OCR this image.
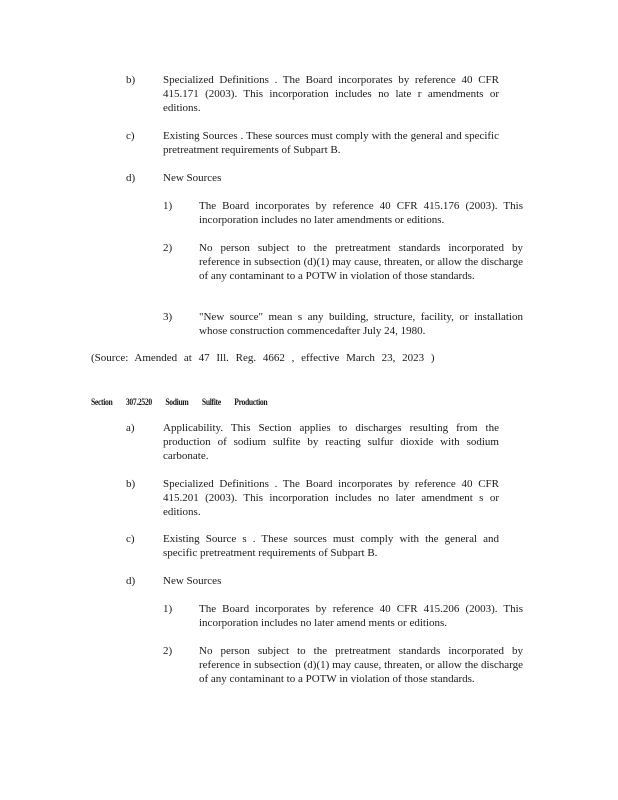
b)	Specialized Definitions . The Board incorporates by reference 40 CFR 415.171 (2003). This incorporation includes no late r amendments or editions.
c)	Existing Sources . These sources must comply with the general and specific pretreatment requirements of Subpart B.
d)	New Sources
1) The Board incorporates by reference 40 CFR 415.176 (2003). This incorporation includes no later amendments or editions.
2) No person subject to the pretreatment standards incorporated by reference in subsection (d)(1) may cause, threaten, or allow the discharge of any contaminant to a POTW in violation of those standards.
3) "New source" mean s any building, structure, facility, or installation whose construction commencedafter July 24, 1980.
(Source: Amended at 47 Ill. Reg. 4662 , effective March 23, 2023 )
Section 307.2520 Sodium Sulfite Production
a)	Applicability. This Section applies to discharges resulting from the production of sodium sulfite by reacting sulfur dioxide with sodium carbonate.
b)	Specialized Definitions . The Board incorporates by reference 40 CFR 415.201 (2003). This incorporation includes no later amendment s or editions.
c)	Existing Source s . These sources must comply with the general and specific pretreatment requirements of Subpart B.
d)	New Sources
1) The Board incorporates by reference 40 CFR 415.206 (2003). This incorporation includes no later amend ments or editions.
2) No person subject to the pretreatment standards incorporated by reference in subsection (d)(1) may cause, threaten, or allow the discharge of any contaminant to a POTW in violation of those standards.
